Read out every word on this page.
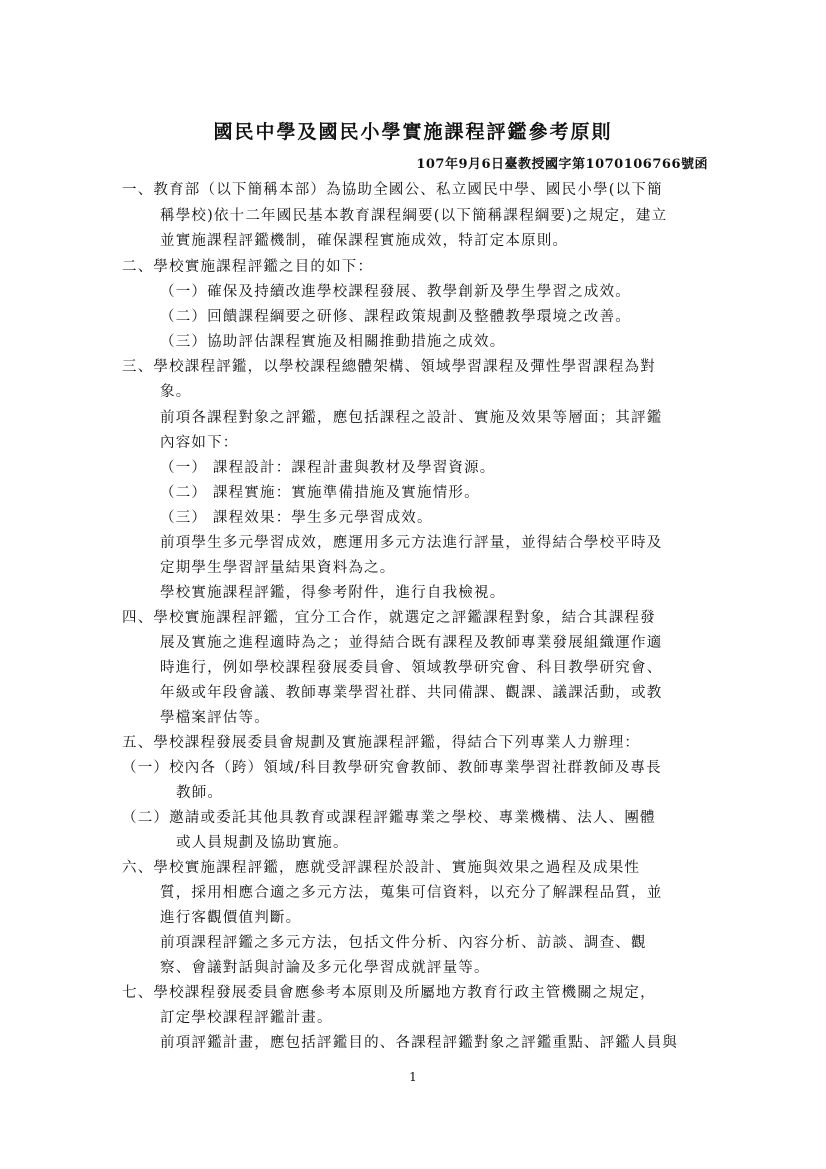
國民中學及國民小學實施課程評鑑參考原則
107年9月6日臺教授國字第1070106766號函
一、教育部（以下簡稱本部）為協助全國公、私立國民中學、國民小學(以下簡
稱學校)依十二年國民基本教育課程綱要(以下簡稱課程綱要)之規定，建立
並實施課程評鑑機制，確保課程實施成效，特訂定本原則。
二、學校實施課程評鑑之目的如下：
（一）確保及持續改進學校課程發展、教學創新及學生學習之成效。
（二）回饋課程綱要之研修、課程政策規劃及整體教學環境之改善。
（三）協助評估課程實施及相關推動措施之成效。
三、學校課程評鑑，以學校課程總體架構、領域學習課程及彈性學習課程為對
象。
前項各課程對象之評鑑，應包括課程之設計、實施及效果等層面；其評鑑
內容如下：
（一） 課程設計：課程計畫與教材及學習資源。
（二） 課程實施：實施準備措施及實施情形。
（三） 課程效果：學生多元學習成效。
前項學生多元學習成效，應運用多元方法進行評量，並得結合學校平時及
定期學生學習評量結果資料為之。
學校實施課程評鑑，得參考附件，進行自我檢視。
四、學校實施課程評鑑，宜分工合作，就選定之評鑑課程對象，結合其課程發
展及實施之進程適時為之；並得結合既有課程及教師專業發展組織運作適
時進行，例如學校課程發展委員會、領域教學研究會、科目教學研究會、
年級或年段會議、教師專業學習社群、共同備課、觀課、議課活動，或教
學檔案評估等。
五、學校課程發展委員會規劃及實施課程評鑑，得結合下列專業人力辦理：
（一）校內各（跨）領域/科目教學研究會教師、教師專業學習社群教師及專長
教師。
（二）邀請或委託其他具教育或課程評鑑專業之學校、專業機構、法人、團體
或人員規劃及協助實施。
六、學校實施課程評鑑，應就受評課程於設計、實施與效果之過程及成果性
質，採用相應合適之多元方法，蒐集可信資料，以充分了解課程品質，並
進行客觀價值判斷。
前項課程評鑑之多元方法，包括文件分析、內容分析、訪談、調查、觀
察、會議對話與討論及多元化學習成就評量等。
七、學校課程發展委員會應參考本原則及所屬地方教育行政主管機關之規定，
訂定學校課程評鑑計畫。
前項評鑑計畫，應包括評鑑目的、各課程評鑑對象之評鑑重點、評鑑人員與
1
